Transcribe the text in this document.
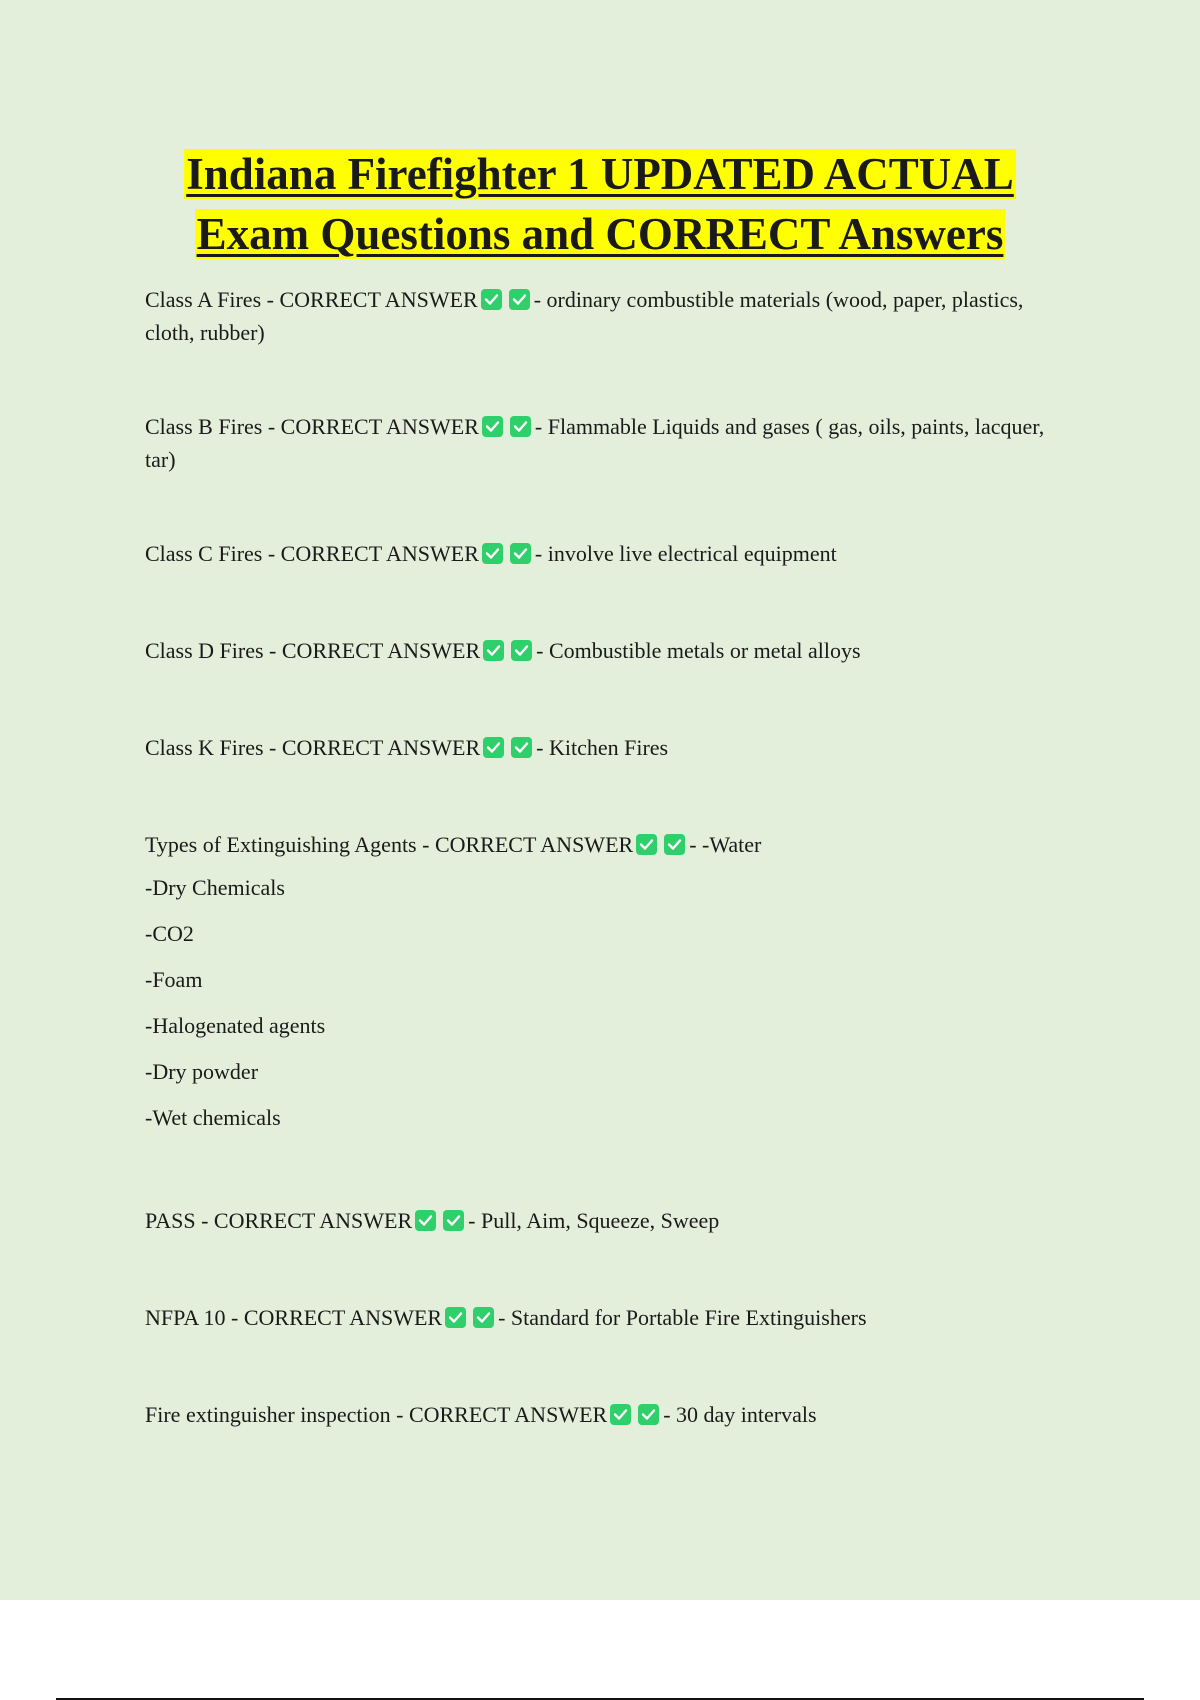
Indiana Firefighter 1 UPDATED ACTUAL
Exam Questions and CORRECT Answers
Class A Fires - CORRECT ANSWER	- ordinary combustible materials (wood, paper, plastics, cloth, rubber)
Class B Fires - CORRECT ANSWER	- Flammable Liquids and gases ( gas, oils, paints, lacquer, tar)
Class C Fires - CORRECT ANSWER	- involve live electrical equipment
Class D Fires - CORRECT ANSWER	- Combustible metals or metal alloys
Class K Fires - CORRECT ANSWER	- Kitchen Fires
Types of Extinguishing Agents - CORRECT ANSWER	- -Water
-Dry Chemicals
-CO2
-Foam
-Halogenated agents
-Dry powder
-Wet chemicals
PASS - CORRECT ANSWER	- Pull, Aim, Squeeze, Sweep
NFPA 10 - CORRECT ANSWER	- Standard for Portable Fire Extinguishers
Fire extinguisher inspection - CORRECT ANSWER	- 30 day intervals
